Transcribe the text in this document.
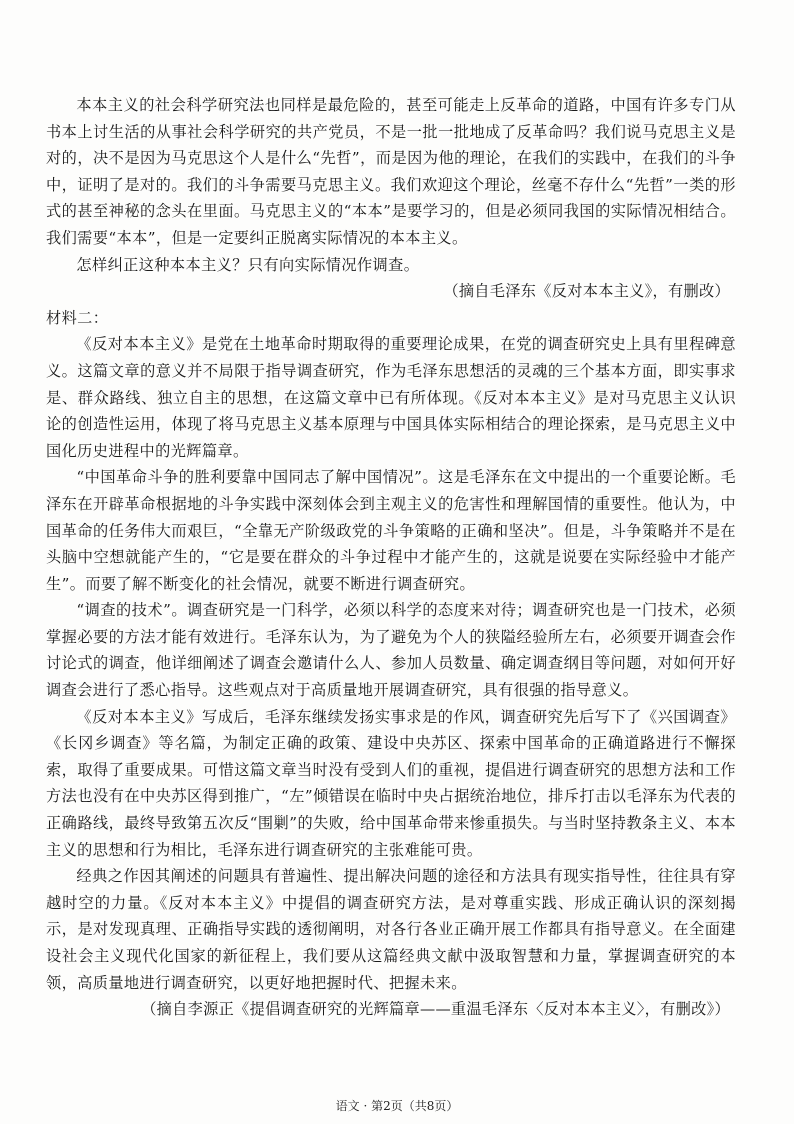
本本主义的社会科学研究法也同样是最危险的，甚至可能走上反革命的道路，中国有许多专门从书本上讨生活的从事社会科学研究的共产党员，不是一批一批地成了反革命吗？我们说马克思主义是对的，决不是因为马克思这个人是什么“先哲”，而是因为他的理论，在我们的实践中，在我们的斗争中，证明了是对的。我们的斗争需要马克思主义。我们欢迎这个理论，丝毫不存什么“先哲”一类的形式的甚至神秘的念头在里面。马克思主义的“本本”是要学习的，但是必须同我国的实际情况相结合。我们需要“本本”，但是一定要纠正脱离实际情况的本本主义。

怎样纠正这种本本主义？只有向实际情况作调查。

（摘自毛泽东《反对本本主义》，有删改）

材料二：

《反对本本主义》是党在土地革命时期取得的重要理论成果，在党的调查研究史上具有里程碑意义。这篇文章的意义并不局限于指导调查研究，作为毛泽东思想活的灵魂的三个基本方面，即实事求是、群众路线、独立自主的思想，在这篇文章中已有所体现。《反对本本主义》是对马克思主义认识论的创造性运用，体现了将马克思主义基本原理与中国具体实际相结合的理论探索，是马克思主义中国化历史进程中的光辉篇章。

“中国革命斗争的胜利要靠中国同志了解中国情况”。这是毛泽东在文中提出的一个重要论断。毛泽东在开辟革命根据地的斗争实践中深刻体会到主观主义的危害性和理解国情的重要性。他认为，中国革命的任务伟大而艰巨，“全靠无产阶级政党的斗争策略的正确和坚决”。但是，斗争策略并不是在头脑中空想就能产生的，“它是要在群众的斗争过程中才能产生的，这就是说要在实际经验中才能产生”。而要了解不断变化的社会情况，就要不断进行调查研究。

“调查的技术”。调查研究是一门科学，必须以科学的态度来对待；调查研究也是一门技术，必须掌握必要的方法才能有效进行。毛泽东认为，为了避免为个人的狭隘经验所左右，必须要开调查会作讨论式的调查，他详细阐述了调查会邀请什么人、参加人员数量、确定调查纲目等问题，对如何开好调查会进行了悉心指导。这些观点对于高质量地开展调查研究，具有很强的指导意义。

《反对本本主义》写成后，毛泽东继续发扬实事求是的作风，调查研究先后写下了《兴国调查》《长冈乡调查》等名篇，为制定正确的政策、建设中央苏区、探索中国革命的正确道路进行不懈探索，取得了重要成果。可惜这篇文章当时没有受到人们的重视，提倡进行调查研究的思想方法和工作方法也没有在中央苏区得到推广，“左”倾错误在临时中央占据统治地位，排斥打击以毛泽东为代表的正确路线，最终导致第五次反“围剿”的失败，给中国革命带来惨重损失。与当时坚持教条主义、本本主义的思想和行为相比，毛泽东进行调查研究的主张难能可贵。

经典之作因其阐述的问题具有普遍性、提出解决问题的途径和方法具有现实指导性，往往具有穿越时空的力量。《反对本本主义》中提倡的调查研究方法，是对尊重实践、形成正确认识的深刻揭示，是对发现真理、正确指导实践的透彻阐明，对各行各业正确开展工作都具有指导意义。在全面建设社会主义现代化国家的新征程上，我们要从这篇经典文献中汲取智慧和力量，掌握调查研究的本领，高质量地进行调查研究，以更好地把握时代、把握未来。

（摘自李源正《提倡调查研究的光辉篇章——重温毛泽东〈反对本本主义〉，有删改》）

语文 · 第2页（共8页）
